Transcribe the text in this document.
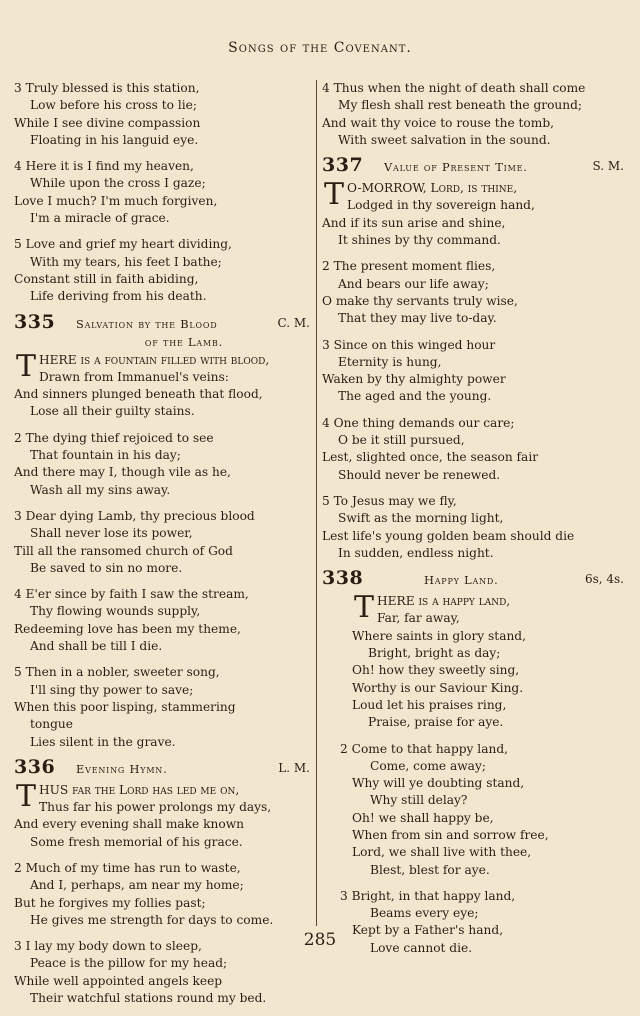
Songs of the Covenant.
3 Truly blessed is this station,
Low before his cross to lie;
While I see divine compassion
Floating in his languid eye.
4 Here it is I find my heaven,
While upon the cross I gaze;
Love I much? I'm much forgiven,
I'm a miracle of grace.
5 Love and grief my heart dividing,
With my tears, his feet I bathe;
Constant still in faith abiding,
Life deriving from his death.
335 Salvation by the Blood	C. M.
of the Lamb.
T HERE is a fountain filled with blood,
Drawn from Immanuel's veins:
And sinners plunged beneath that flood,
Lose all their guilty stains.
2 The dying thief rejoiced to see
That fountain in his day;
And there may I, though vile as he,
Wash all my sins away.
3 Dear dying Lamb, thy precious blood
Shall never lose its power,
Till all the ransomed church of God
Be saved to sin no more.
4 E'er since by faith I saw the stream,
Thy flowing wounds supply,
Redeeming love has been my theme,
And shall be till I die.
5 Then in a nobler, sweeter song,
I'll sing thy power to save;
When this poor lisping, stammering
tongue
Lies silent in the grave.
336 Evening Hymn.	L. M.
T HUS far the Lord has led me on,
Thus far his power prolongs my days,
And every evening shall make known
Some fresh memorial of his grace.
2 Much of my time has run to waste,
And I, perhaps, am near my home;
But he forgives my follies past;
He gives me strength for days to come.
3 I lay my body down to sleep,
Peace is the pillow for my head;
While well appointed angels keep
Their watchful stations round my bed.
4 Thus when the night of death shall come
My flesh shall rest beneath the ground;
And wait thy voice to rouse the tomb,
With sweet salvation in the sound.
337 Value of Present Time.	S. M.
T O-MORROW, Lord, is thine,
Lodged in thy sovereign hand,
And if its sun arise and shine,
It shines by thy command.
2 The present moment flies,
And bears our life away;
O make thy servants truly wise,
That they may live to-day.
3 Since on this winged hour
Eternity is hung,
Waken by thy almighty power
The aged and the young.
4 One thing demands our care;
O be it still pursued,
Lest, slighted once, the season fair
Should never be renewed.
5 To Jesus may we fly,
Swift as the morning light,
Lest life's young golden beam should die
In sudden, endless night.
338	Happy Land.	6s, 4s.
T HERE is a happy land,
Far, far away,
Where saints in glory stand,
Bright, bright as day;
Oh! how they sweetly sing,
Worthy is our Saviour King.
Loud let his praises ring,
Praise, praise for aye.
2 Come to that happy land,
Come, come away;
Why will ye doubting stand,
Why still delay?
Oh! we shall happy be,
When from sin and sorrow free,
Lord, we shall live with thee,
Blest, blest for aye.
3 Bright, in that happy land,
Beams every eye;
Kept by a Father's hand,
Love cannot die.
285
